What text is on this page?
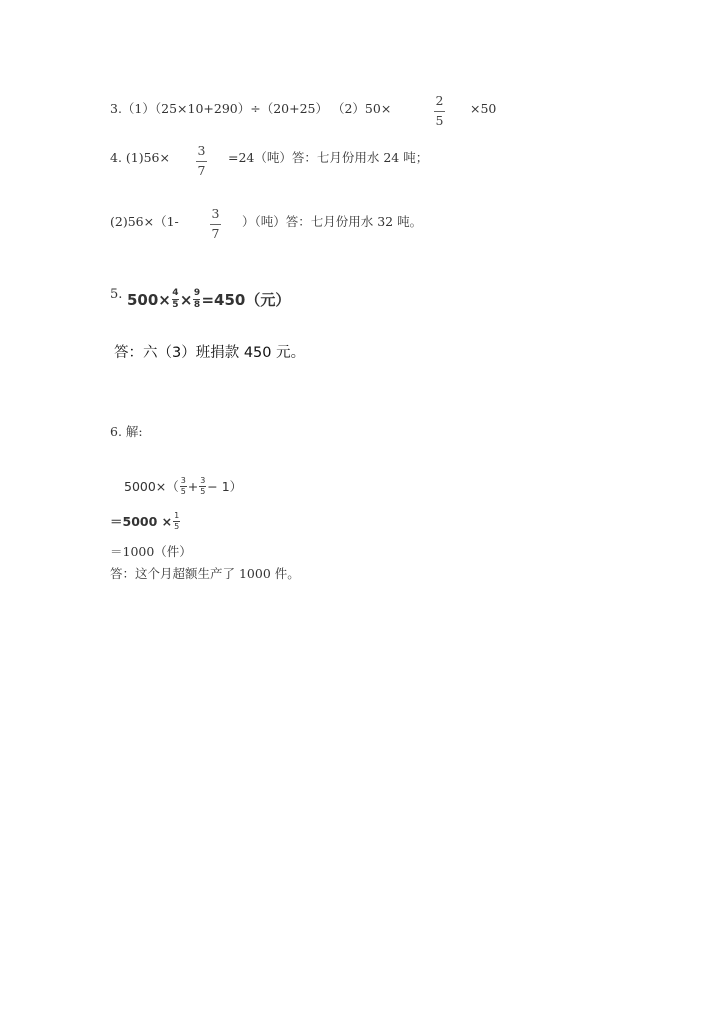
3.（1）（25×10+290）÷（20+25） （2）50×
2
5
×50
4. (1)56× 3
7
=24（吨）答：七月份用水 24 吨；
(2)56×（1-
3
7
）（吨）答：七月份用水 32 吨。
5. 500× 4
5 × 9
8 =450（元）
答：六（3）班捐款 450 元。
6. 解:
5000×（ 3
5 + 3
5 − 1）
＝5000 × 1
5
＝1000（件）
答：这个月超额生产了 1000 件。
